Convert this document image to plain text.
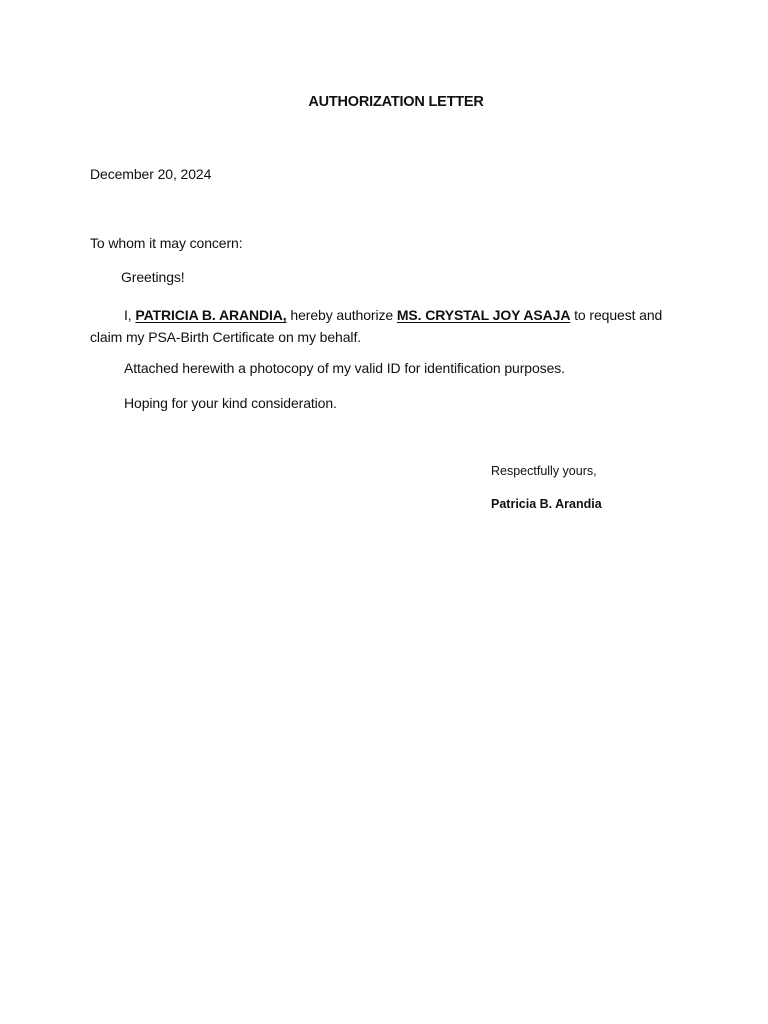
AUTHORIZATION LETTER
December 20, 2024
To whom it may concern:
Greetings!
I, PATRICIA B. ARANDIA, hereby authorize MS. CRYSTAL JOY ASAJA to request and claim my PSA-Birth Certificate on my behalf.
Attached herewith a photocopy of my valid ID for identification purposes.
Hoping for your kind consideration.
Respectfully yours,
Patricia B. Arandia
